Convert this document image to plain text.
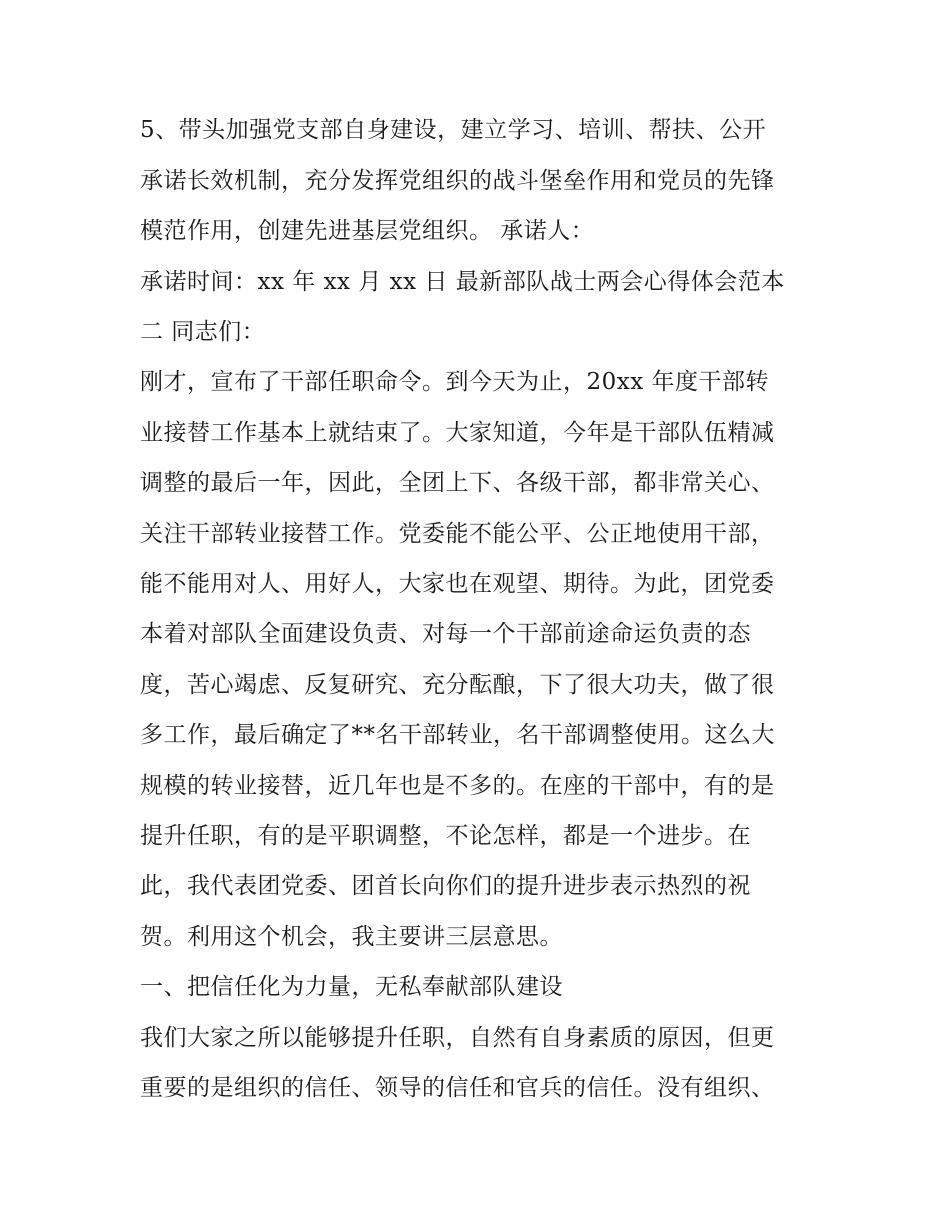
5、带头加强党支部自身建设，建立学习、培训、帮扶、公开
承诺长效机制，充分发挥党组织的战斗堡垒作用和党员的先锋
模范作用，创建先进基层党组织。 承诺人：
承诺时间：xx 年 xx 月 xx 日 最新部队战士两会心得体会范本
二 同志们：
刚才，宣布了干部任职命令。到今天为止，20xx 年度干部转
业接替工作基本上就结束了。大家知道，今年是干部队伍精减
调整的最后一年，因此，全团上下、各级干部，都非常关心、
关注干部转业接替工作。党委能不能公平、公正地使用干部，
能不能用对人、用好人，大家也在观望、期待。为此，团党委
本着对部队全面建设负责、对每一个干部前途命运负责的态
度，苦心竭虑、反复研究、充分酝酿，下了很大功夫，做了很
多工作，最后确定了**名干部转业，名干部调整使用。这么大
规模的转业接替，近几年也是不多的。在座的干部中，有的是
提升任职，有的是平职调整，不论怎样，都是一个进步。在
此，我代表团党委、团首长向你们的提升进步表示热烈的祝
贺。利用这个机会，我主要讲三层意思。
一、把信任化为力量，无私奉献部队建设
我们大家之所以能够提升任职，自然有自身素质的原因，但更
重要的是组织的信任、领导的信任和官兵的信任。没有组织、
